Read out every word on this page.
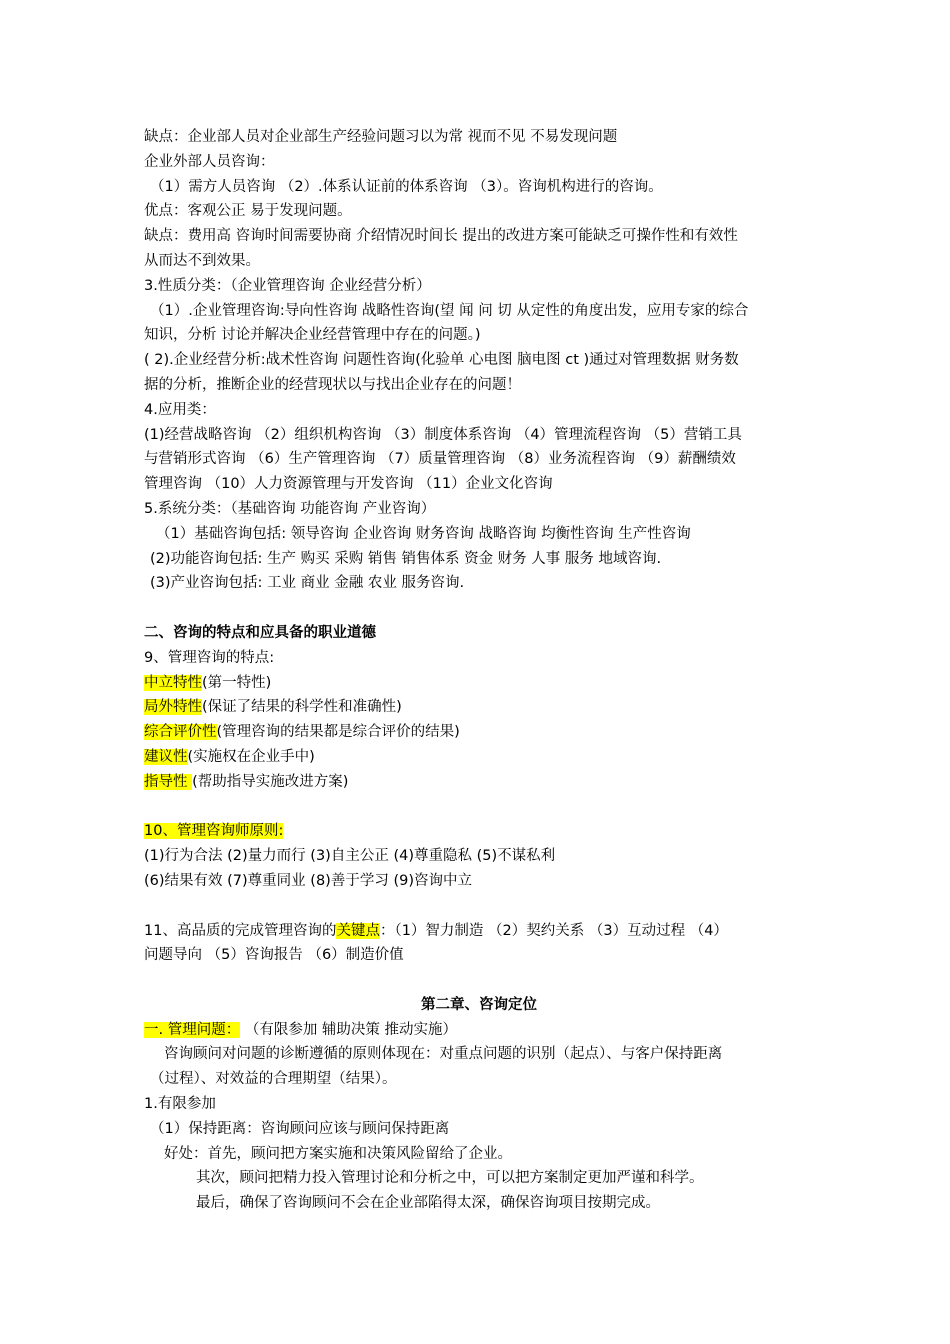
缺点：企业部人员对企业部生产经验问题习以为常 视而不见 不易发现问题
企业外部人员咨询：
（1）需方人员咨询 （2）.体系认证前的体系咨询 （3）。咨询机构进行的咨询。
优点：客观公正 易于发现问题。
缺点：费用高 咨询时间需要协商 介绍情况时间长 提出的改进方案可能缺乏可操作性和有效性
从而达不到效果。
3.性质分类：（企业管理咨询 企业经营分析）
（1）.企业管理咨询:导向性咨询 战略性咨询(望 闻 问 切 从定性的角度出发，应用专家的综合
知识，分析 讨论并解决企业经营管理中存在的问题。)
( 2).企业经营分析:战术性咨询 问题性咨询(化验单 心电图 脑电图 ct )通过对管理数据 财务数
据的分析，推断企业的经营现状以与找出企业存在的问题！
4.应用类：
(1)经营战略咨询 （2）组织机构咨询 （3）制度体系咨询 （4）管理流程咨询 （5）营销工具
与营销形式咨询 （6）生产管理咨询 （7）质量管理咨询 （8）业务流程咨询 （9）薪酬绩效
管理咨询 （10）人力资源管理与开发咨询 （11）企业文化咨询
5.系统分类：（基础咨询 功能咨询 产业咨询）
（1）基础咨询包括: 领导咨询 企业咨询 财务咨询 战略咨询 均衡性咨询 生产性咨询
(2)功能咨询包括: 生产 购买 采购 销售 销售体系 资金 财务 人事 服务 地域咨询.
(3)产业咨询包括: 工业 商业 金融 农业 服务咨询.
二、咨询的特点和应具备的职业道德
9、管理咨询的特点:
中立特性(第一特性)
局外特性(保证了结果的科学性和准确性)
综合评价性(管理咨询的结果都是综合评价的结果)
建议性(实施权在企业手中)
指导性 (帮助指导实施改进方案)
10、管理咨询师原则:
(1)行为合法 (2)量力而行 (3)自主公正 (4)尊重隐私 (5)不谋私利
(6)结果有效 (7)尊重同业 (8)善于学习 (9)咨询中立
11、高品质的完成管理咨询的关键点：（1）智力制造 （2）契约关系 （3）互动过程 （4）
问题导向 （5）咨询报告 （6）制造价值
第二章、咨询定位
一. 管理问题： （有限参加 辅助决策 推动实施）
咨询顾问对问题的诊断遵循的原则体现在：对重点问题的识别（起点）、与客户保持距离
（过程）、对效益的合理期望（结果）。
1.有限参加
（1）保持距离：咨询顾问应该与顾问保持距离
好处：首先，顾问把方案实施和决策风险留给了企业。
其次，顾问把精力投入管理讨论和分析之中，可以把方案制定更加严谨和科学。
最后，确保了咨询顾问不会在企业部陷得太深，确保咨询项目按期完成。
